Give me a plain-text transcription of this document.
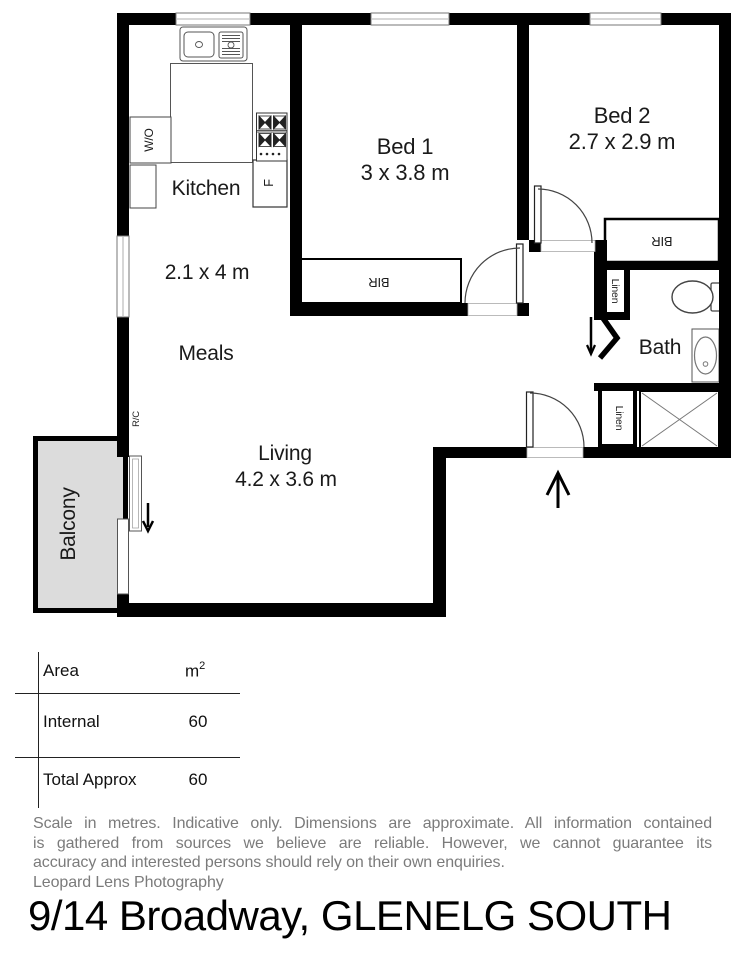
Kitchen
2.1 x 4 m
Meals
Living
4.2 x 3.6 m
Bed 1
3 x 3.8 m
Bed 2
2.7 x 2.9 m
Bath
Balcony
BIR
BIR
Linen
Linen
W/O
F
R/C
Area	$m^2$
Internal	60
Total Approx	60
Scale in metres. Indicative only. Dimensions are approximate. All information contained
is gathered from sources we believe are reliable. However, we cannot guarantee its
accuracy and interested persons should rely on their own enquiries.
Leopard Lens Photography
9/14 Broadway, GLENELG SOUTH
